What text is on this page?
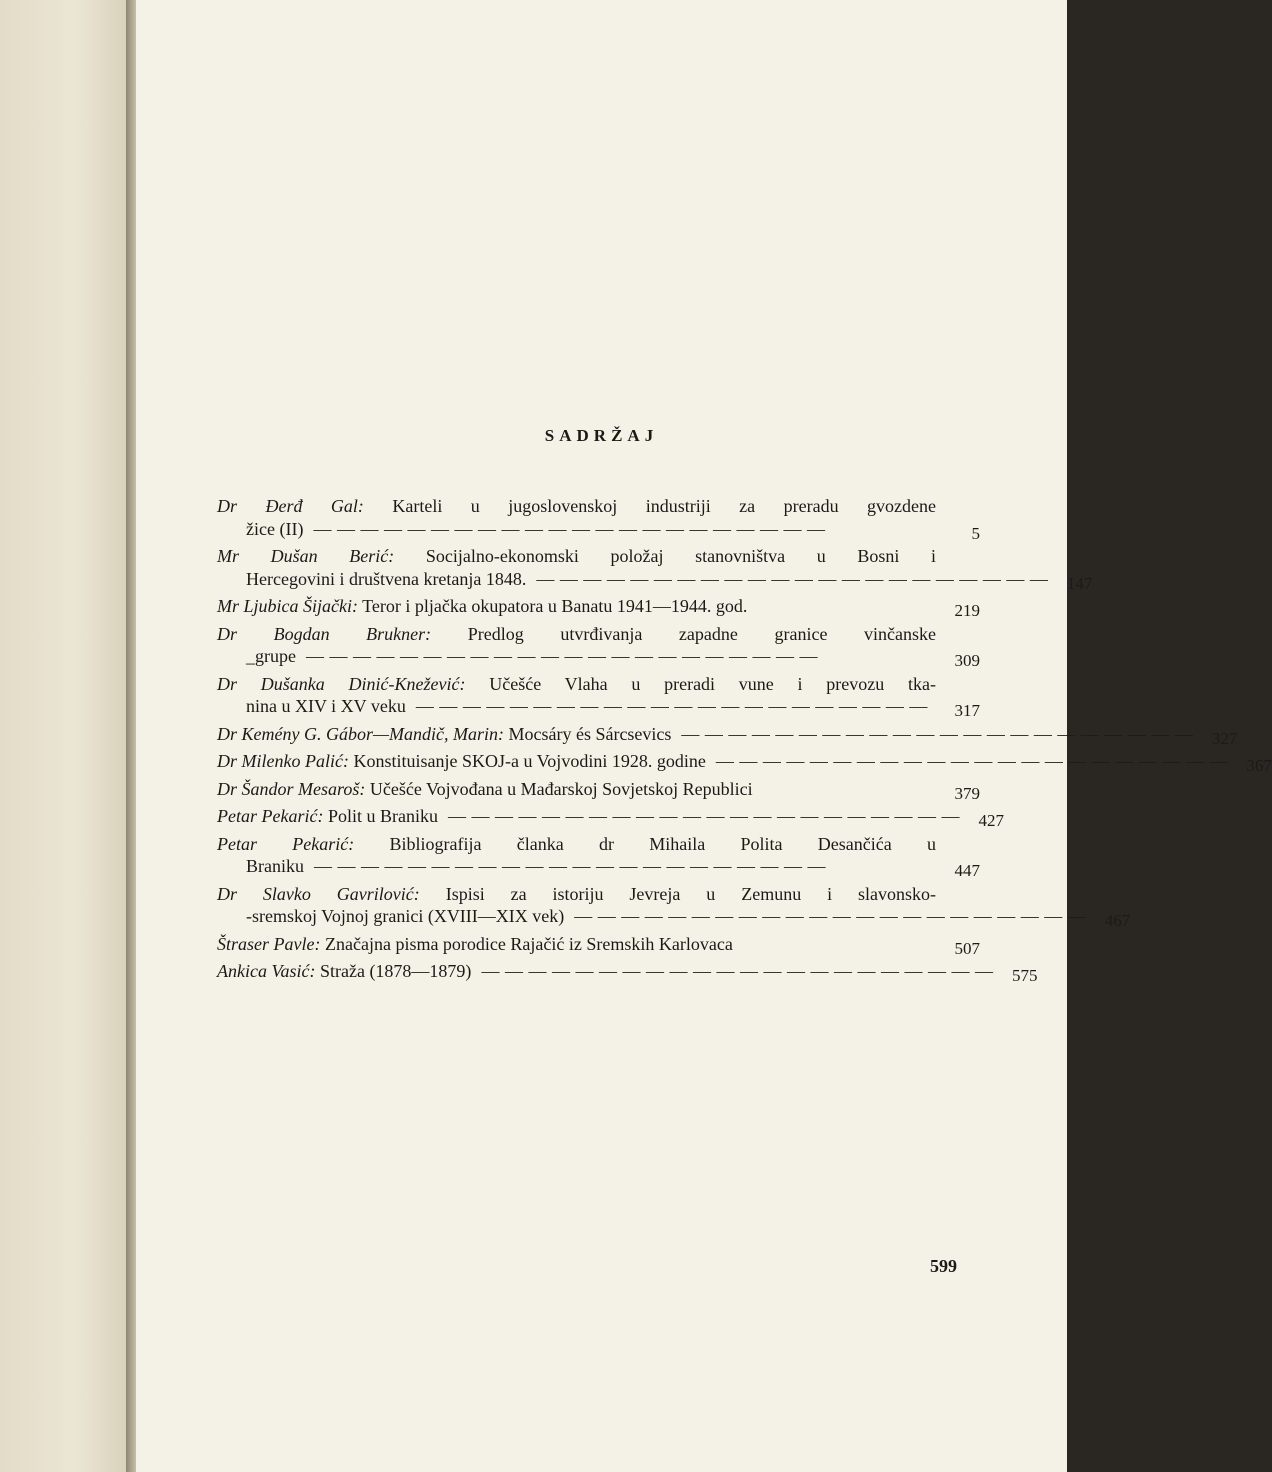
SADRŽAJ
Dr Đerđ Gal: Karteli u jugoslovenskoj industriji za preradu gvozdene
žice (II) — — — — — — — — — — — — — — — — — — — — — —	5
Mr Dušan Berić: Socijalno-ekonomski položaj stanovništva u Bosni i
Hercegovini i društvena kretanja 1848. — — — — — — — — — — — — — — — — — — — — — —	147
Mr Ljubica Šijački: Teror i pljačka okupatora u Banatu 1941—1944. god.	219
Dr Bogdan Brukner: Predlog utvrđivanja zapadne granice vinčanske
_grupe — — — — — — — — — — — — — — — — — — — — — —	309
Dr Dušanka Dinić-Knežević: Učešće Vlaha u preradi vune i prevozu tka-
nina u XIV i XV veku — — — — — — — — — — — — — — — — — — — — — —	317
Dr Kemény G. Gábor—Mandič, Marin: Mocsáry és Sárcsevics — — — — — — — — — — — — — — — — — — — — — —	327
Dr Milenko Palić: Konstituisanje SKOJ-a u Vojvodini 1928. godine — — — — — — — — — — — — — — — — — — — — — —	367
Dr Šandor Mesaroš: Učešće Vojvođana u Mađarskoj Sovjetskoj Republici	379
Petar Pekarić: Polit u Braniku — — — — — — — — — — — — — — — — — — — — — —	427
Petar Pekarić: Bibliografija članka dr Mihaila Polita Desančića u
Braniku — — — — — — — — — — — — — — — — — — — — — —	447
Dr Slavko Gavrilović: Ispisi za istoriju Jevreja u Zemunu i slavonsko-
-sremskoj Vojnoj granici (XVIII—XIX vek) — — — — — — — — — — — — — — — — — — — — — —	467
Štraser Pavle: Značajna pisma porodice Rajačić iz Sremskih Karlovaca	507
Ankica Vasić: Straža (1878—1879) — — — — — — — — — — — — — — — — — — — — — —	575
599
